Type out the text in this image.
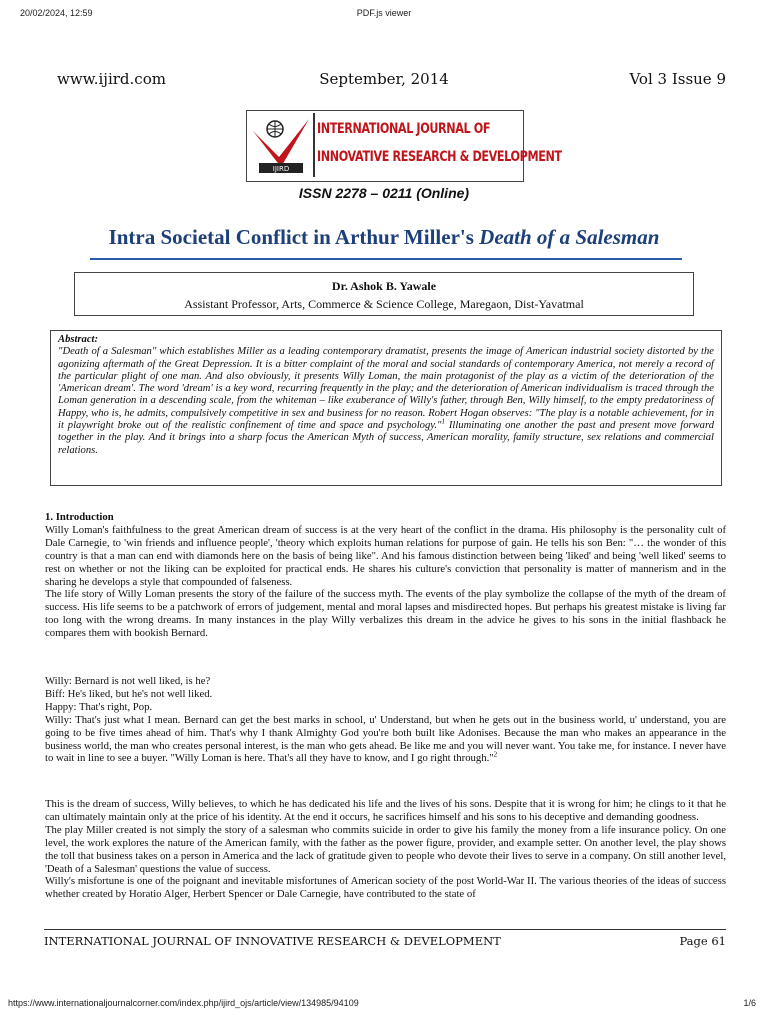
20/02/2024, 12:59	PDF.js viewer
www.ijird.com	September, 2014	Vol 3 Issue 9
IJIRD
INTERNATIONAL JOURNAL OF
INNOVATIVE RESEARCH & DEVELOPMENT
ISSN 2278 – 0211 (Online)
Intra Societal Conflict in Arthur Miller's Death of a Salesman
Dr. Ashok B. Yawale
Assistant Professor, Arts, Commerce & Science College, Maregaon, Dist-Yavatmal
Abstract:
"Death of a Salesman" which establishes Miller as a leading contemporary dramatist, presents the image of American industrial society distorted by the agonizing aftermath of the Great Depression. It is a bitter complaint of the moral and social standards of contemporary America, not merely a record of the particular plight of one man. And also obviously, it presents Willy Loman, the main protagonist of the play as a victim of the deterioration of the 'American dream'. The word 'dream' is a key word, recurring frequently in the play; and the deterioration of American individualism is traced through the Loman generation in a descending scale, from the whiteman – like exuberance of Willy's father, through Ben, Willy himself, to the empty predatoriness of Happy, who is, he admits, compulsively competitive in sex and business for no reason. Robert Hogan observes: "The play is a notable achievement, for in it playwright broke out of the realistic confinement of time and space and psychology."$^1$ Illuminating one another the past and present move forward together in the play. And it brings into a sharp focus the American Myth of success, American morality, family structure, sex relations and commercial relations.

1. Introduction

Willy Loman's faithfulness to the great American dream of success is at the very heart of the conflict in the drama. His philosophy is the personality cult of Dale Carnegie, to 'win friends and influence people', 'theory which exploits human relations for purpose of gain. He tells his son Ben: "… the wonder of this country is that a man can end with diamonds here on the basis of being like". And his famous distinction between being 'liked' and being 'well liked' seems to rest on whether or not the liking can be exploited for practical ends. He shares his culture's conviction that personality is matter of mannerism and in the sharing he develops a style that compounded of falseness.

The life story of Willy Loman presents the story of the failure of the success myth. The events of the play symbolize the collapse of the myth of the dream of success. His life seems to be a patchwork of errors of judgement, mental and moral lapses and misdirected hopes. But perhaps his greatest mistake is living far too long with the wrong dreams. In many instances in the play Willy verbalizes this dream in the advice he gives to his sons in the initial flashback he compares them with bookish Bernard.

Willy: Bernard is not well liked, is he?

Biff: He's liked, but he's not well liked.

Happy: That's right, Pop.

Willy: That's just what I mean. Bernard can get the best marks in school, u' Understand, but when he gets out in the business world, u' understand, you are going to be five times ahead of him. That's why I thank Almighty God you're both built like Adonises. Because the man who makes an appearance in the business world, the man who creates personal interest, is the man who gets ahead. Be like me and you will never want. You take me, for instance. I never have to wait in line to see a buyer. "Willy Loman is here. That's all they have to know, and I go right through."$^2$

This is the dream of success, Willy believes, to which he has dedicated his life and the lives of his sons. Despite that it is wrong for him; he clings to it that he can ultimately maintain only at the price of his identity. At the end it occurs, he sacrifices himself and his sons to his deceptive and demanding goodness.

The play Miller created is not simply the story of a salesman who commits suicide in order to give his family the money from a life insurance policy. On one level, the work explores the nature of the American family, with the father as the power figure, provider, and example setter. On another level, the play shows the toll that business takes on a person in America and the lack of gratitude given to people who devote their lives to serve in a company. On still another level, 'Death of a Salesman' questions the value of success.

Willy's misfortune is one of the poignant and inevitable misfortunes of American society of the post World-War II. The various theories of the ideas of success whether created by Horatio Alger, Herbert Spencer or Dale Carnegie, have contributed to the state of

INTERNATIONAL JOURNAL OF INNOVATIVE RESEARCH & DEVELOPMENT	Page 61
https://www.internationaljournalcorner.com/index.php/ijird_ojs/article/view/134985/94109	1/6
